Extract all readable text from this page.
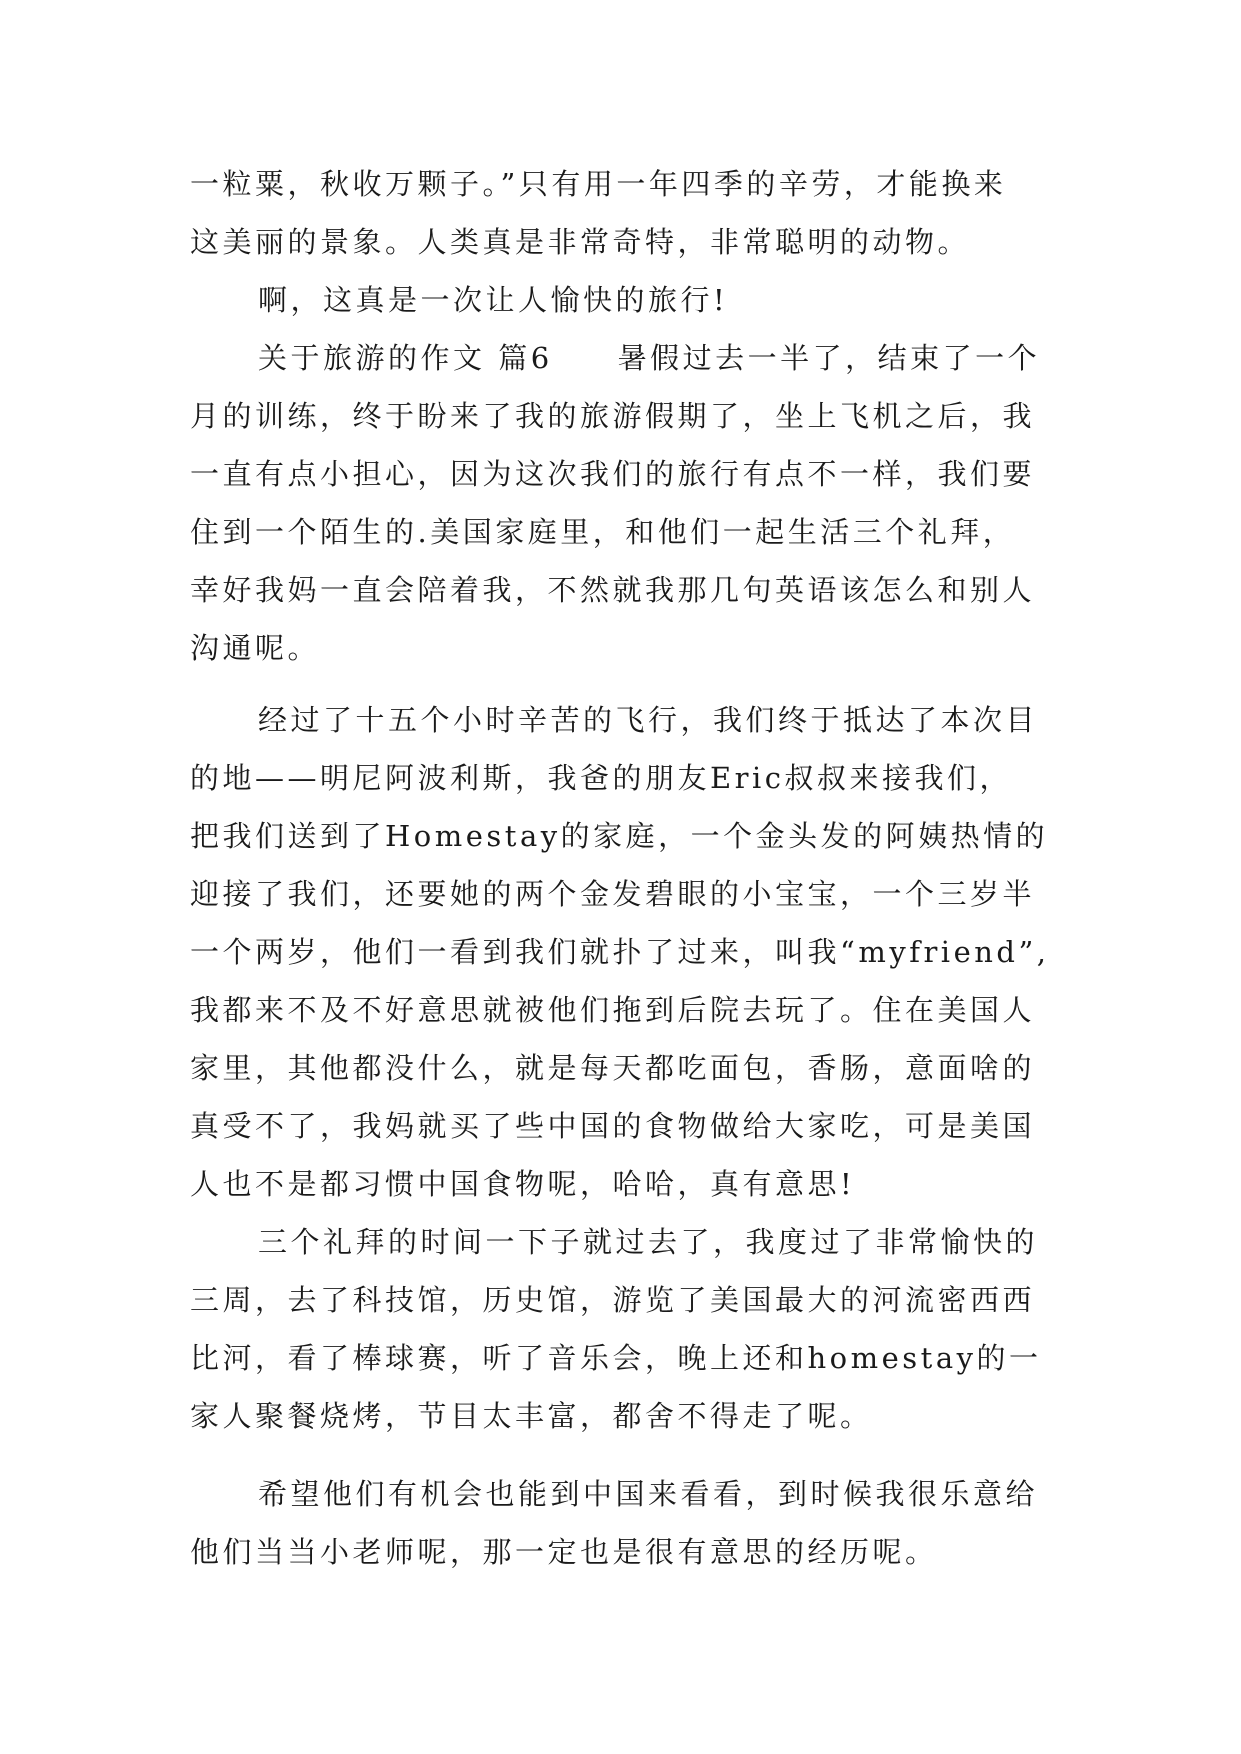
一粒粟，秋收万颗子。”只有用一年四季的辛劳，才能换来
这美丽的景象。人类真是非常奇特，非常聪明的动物。
啊，这真是一次让人愉快的旅行!
关于旅游的作文 篇6　　暑假过去一半了，结束了一个
月的训练，终于盼来了我的旅游假期了，坐上飞机之后，我
一直有点小担心，因为这次我们的旅行有点不一样，我们要
住到一个陌生的.美国家庭里，和他们一起生活三个礼拜，
幸好我妈一直会陪着我，不然就我那几句英语该怎么和别人
沟通呢。
经过了十五个小时辛苦的飞行，我们终于抵达了本次目
的地——明尼阿波利斯，我爸的朋友Eric叔叔来接我们，
把我们送到了Homestay的家庭，一个金头发的阿姨热情的
迎接了我们，还要她的两个金发碧眼的小宝宝，一个三岁半
一个两岁，他们一看到我们就扑了过来，叫我“myfriend”,
我都来不及不好意思就被他们拖到后院去玩了。住在美国人
家里，其他都没什么，就是每天都吃面包，香肠，意面啥的
真受不了，我妈就买了些中国的食物做给大家吃，可是美国
人也不是都习惯中国食物呢，哈哈，真有意思!
三个礼拜的时间一下子就过去了，我度过了非常愉快的
三周，去了科技馆，历史馆，游览了美国最大的河流密西西
比河，看了棒球赛，听了音乐会，晚上还和homestay的一
家人聚餐烧烤，节目太丰富，都舍不得走了呢。
希望他们有机会也能到中国来看看，到时候我很乐意给
他们当当小老师呢，那一定也是很有意思的经历呢。
